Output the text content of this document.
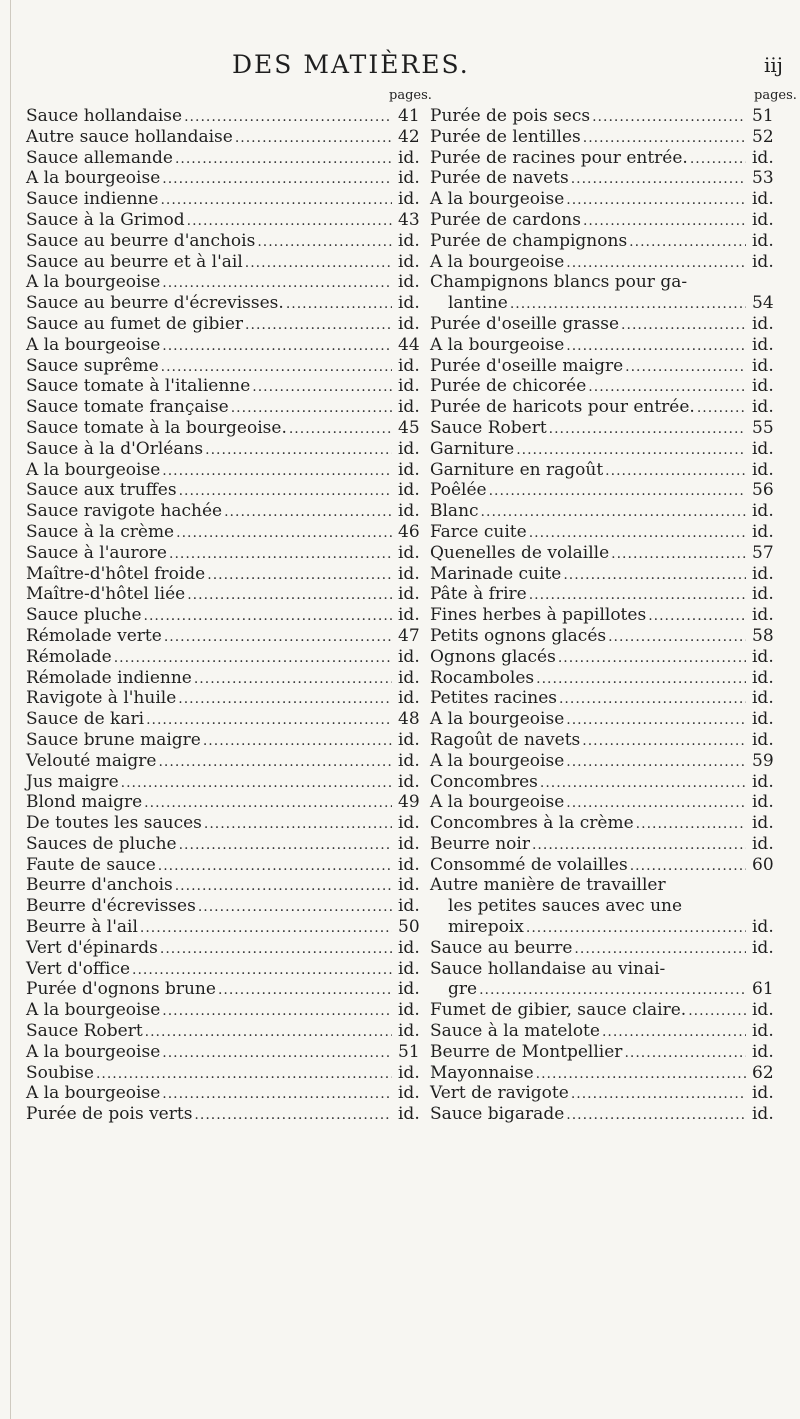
DES MATIÈRES.	iij
pages.	pages.
Sauce hollandaise .....	41
Autre sauce hollandaise .....	42
Sauce allemande .....	id.
A la bourgeoise .....	id.
Sauce indienne .....	id.
Sauce à la Grimod .....	43
Sauce au beurre d'anchois .....	id.
Sauce au beurre et à l'ail .....	id.
A la bourgeoise .....	id.
Sauce au beurre d'écrevisses. .....	id.
Sauce au fumet de gibier .....	id.
A la bourgeoise .....	44
Sauce suprême .....	id.
Sauce tomate à l'italienne .....	id.
Sauce tomate française .....	id.
Sauce tomate à la bourgeoise. .....	45
Sauce à la d'Orléans .....	id.
A la bourgeoise .....	id.
Sauce aux truffes .....	id.
Sauce ravigote hachée .....	id.
Sauce à la crème .....	46
Sauce à l'aurore .....	id.
Maître-d'hôtel froide .....	id.
Maître-d'hôtel liée .....	id.
Sauce pluche .....	id.
Rémolade verte .....	47
Rémolade .....	id.
Rémolade indienne .....	id.
Ravigote à l'huile .....	id.
Sauce de kari .....	48
Sauce brune maigre .....	id.
Velouté maigre .....	id.
Jus maigre .....	id.
Blond maigre .....	49
De toutes les sauces .....	id.
Sauces de pluche .....	id.
Faute de sauce .....	id.
Beurre d'anchois .....	id.
Beurre d'écrevisses .....	id.
Beurre à l'ail .....	50
Vert d'épinards .....	id.
Vert d'office .....	id.
Purée d'ognons brune .....	id.
A la bourgeoise .....	id.
Sauce Robert .....	id.
A la bourgeoise .....	51
Soubise .....	id.
A la bourgeoise .....	id.
Purée de pois verts .....	id.
Purée de pois secs .....	51
Purée de lentilles .....	52
Purée de racines pour entrée. .....	id.
Purée de navets .....	53
A la bourgeoise .....	id.
Purée de cardons .....	id.
Purée de champignons .....	id.
A la bourgeoise .....	id.
Champignons blancs pour ga-
lantine .....	54
Purée d'oseille grasse .....	id.
A la bourgeoise .....	id.
Purée d'oseille maigre .....	id.
Purée de chicorée .....	id.
Purée de haricots pour entrée. .....	id.
Sauce Robert .....	55
Garniture .....	id.
Garniture en ragoût .....	id.
Poêlée .....	56
Blanc .....	id.
Farce cuite .....	id.
Quenelles de volaille .....	57
Marinade cuite .....	id.
Pâte à frire .....	id.
Fines herbes à papillotes .....	id.
Petits ognons glacés .....	58
Ognons glacés .....	id.
Rocamboles .....	id.
Petites racines .....	id.
A la bourgeoise .....	id.
Ragoût de navets .....	id.
A la bourgeoise .....	59
Concombres .....	id.
A la bourgeoise .....	id.
Concombres à la crème .....	id.
Beurre noir .....	id.
Consommé de volailles .....	60
Autre manière de travailler
les petites sauces avec une
mirepoix .....	id.
Sauce au beurre .....	id.
Sauce hollandaise au vinai-
gre .....	61
Fumet de gibier, sauce claire. .....	id.
Sauce à la matelote .....	id.
Beurre de Montpellier .....	id.
Mayonnaise .....	62
Vert de ravigote .....	id.
Sauce bigarade .....	id.
